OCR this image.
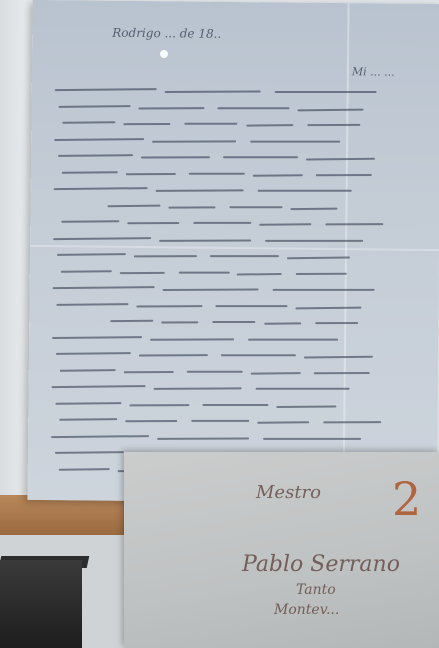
Rodrigo ... de 18..
Mi ... ...
2
Mestro
Pablo Serrano
Tanto
Montev...
